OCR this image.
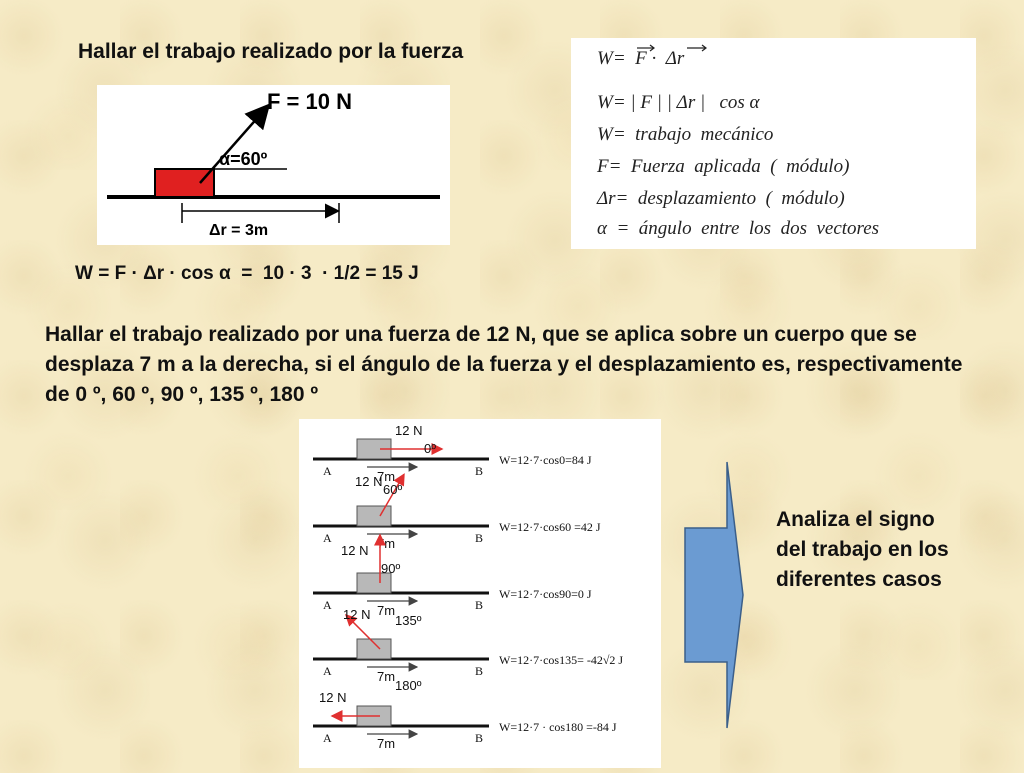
Hallar el trabajo realizado por la fuerza
F = 10 N
α=60º
Δr = 3m
W=  F ·  Δr
W= | F | | Δr |   cos α
W=  trabajo  mecánico
F=  Fuerza  aplicada  (  módulo)
Δr=  desplazamiento  (  módulo)
α  =  ángulo  entre  los  dos  vectores
W = F · Δr · cos α  =  10 · 3  · 1/2 = 15 J
Hallar el trabajo realizado por una fuerza de 12 N, que se aplica sobre un cuerpo que se desplaza 7 m a la derecha, si el ángulo de la fuerza y el desplazamiento es, respectivamente de 0 º, 60 º, 90 º, 135 º, 180 º
7m
A	B
12 N
0º
W=12·7·cos0=84 J
7m
A	B
12 N
60º
W=12·7·cos60 =42 J
7m
A	B
12 N
90º
W=12·7·cos90=0 J
7m
A	B
12 N 135º
W=12·7·cos135= -42√2 J
7m
A	B
12 N
180º
W=12·7 · cos180 =-84 J
Analiza el signo del trabajo en los diferentes casos
